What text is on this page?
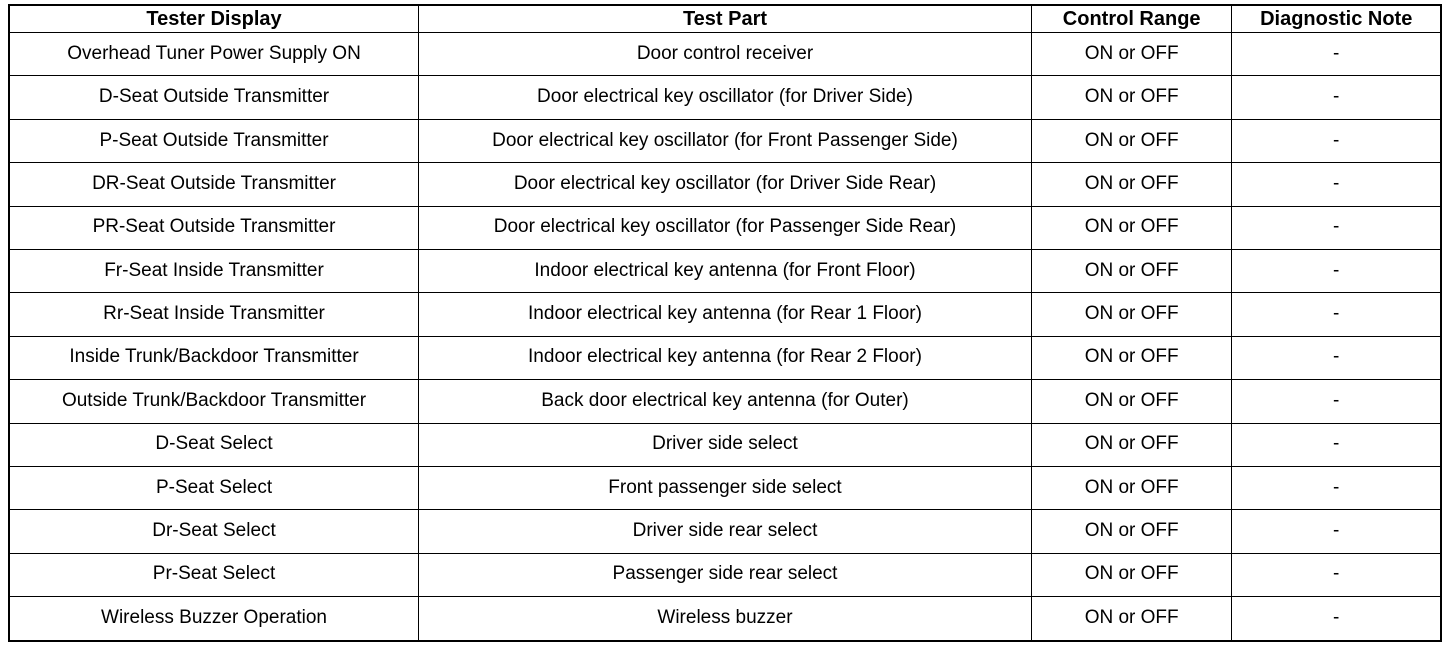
Tester Display	Test Part	Control Range	Diagnostic Note
Overhead Tuner Power Supply ON	Door control receiver	ON or OFF	-
D-Seat Outside Transmitter	Door electrical key oscillator (for Driver Side)	ON or OFF	-
P-Seat Outside Transmitter	Door electrical key oscillator (for Front Passenger Side)	ON or OFF	-
DR-Seat Outside Transmitter	Door electrical key oscillator (for Driver Side Rear)	ON or OFF	-
PR-Seat Outside Transmitter	Door electrical key oscillator (for Passenger Side Rear)	ON or OFF	-
Fr-Seat Inside Transmitter	Indoor electrical key antenna (for Front Floor)	ON or OFF	-
Rr-Seat Inside Transmitter	Indoor electrical key antenna (for Rear 1 Floor)	ON or OFF	-
Inside Trunk/Backdoor Transmitter	Indoor electrical key antenna (for Rear 2 Floor)	ON or OFF	-
Outside Trunk/Backdoor Transmitter	Back door electrical key antenna (for Outer)	ON or OFF	-
D-Seat Select	Driver side select	ON or OFF	-
P-Seat Select	Front passenger side select	ON or OFF	-
Dr-Seat Select	Driver side rear select	ON or OFF	-
Pr-Seat Select	Passenger side rear select	ON or OFF	-
Wireless Buzzer Operation	Wireless buzzer	ON or OFF	-
